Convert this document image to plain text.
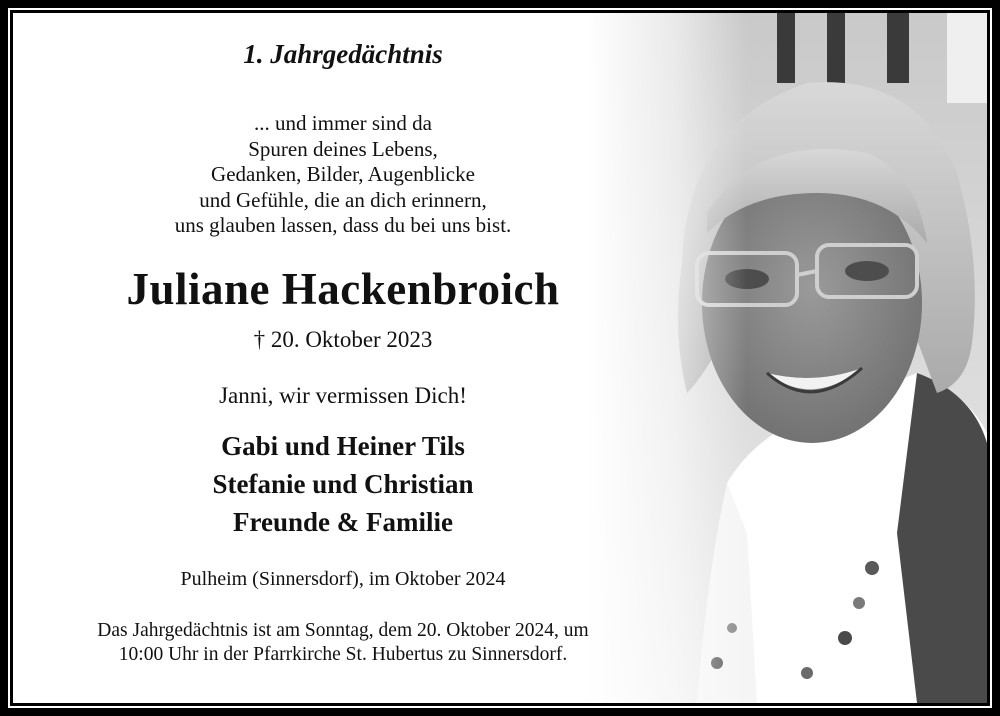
1. Jahrgedächtnis
... und immer sind da
Spuren deines Lebens,
Gedanken, Bilder, Augenblicke
und Gefühle, die an dich erinnern,
uns glauben lassen, dass du bei uns bist.
Juliane Hackenbroich
† 20. Oktober 2023
Janni, wir vermissen Dich!
Gabi und Heiner Tils
Stefanie und Christian
Freunde & Familie
Pulheim (Sinnersdorf), im Oktober 2024
Das Jahrgedächtnis ist am Sonntag, dem 20. Oktober 2024, um
10:00 Uhr in der Pfarrkirche St. Hubertus zu Sinnersdorf.
